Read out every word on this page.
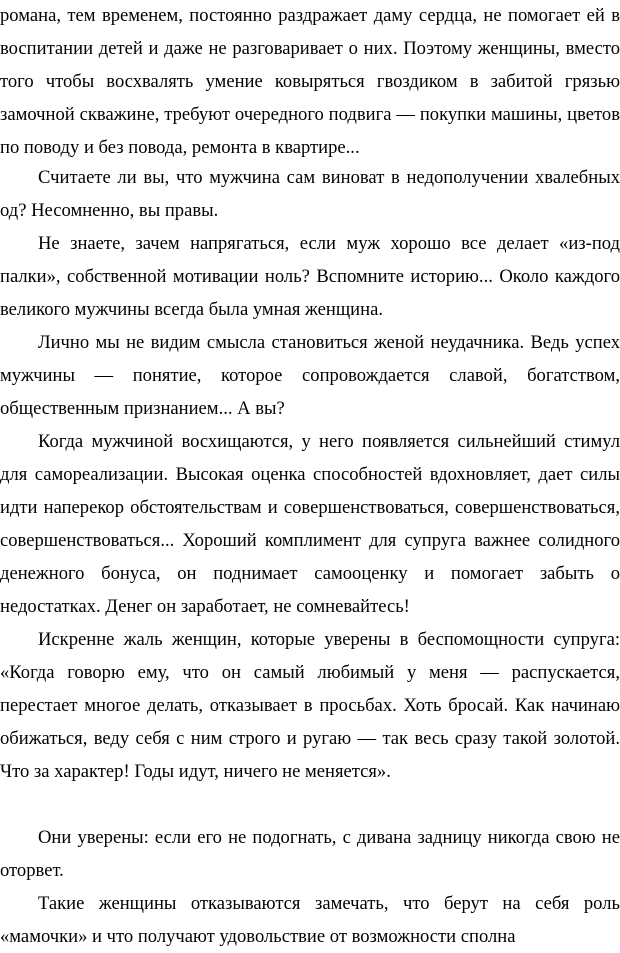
романа, тем временем, постоянно раздражает даму сердца, не помогает ей в воспитании детей и даже не разговаривает о них. Поэтому женщины, вместо того чтобы восхвалять умение ковыряться гвоздиком в забитой грязью замочной скважине, требуют очередного подвига — покупки машины, цветов по поводу и без повода, ремонта в квартире...

Считаете ли вы, что мужчина сам виноват в недополучении хвалебных од? Несомненно, вы правы.

Не знаете, зачем напрягаться, если муж хорошо все делает «из-под палки», собственной мотивации ноль? Вспомните историю... Около каждого великого мужчины всегда была умная женщина.

Лично мы не видим смысла становиться женой неудачника. Ведь успех мужчины — понятие, которое сопровождается славой, богатством, общественным признанием... А вы?

Когда мужчиной восхищаются, у него появляется сильнейший стимул для самореализации. Высокая оценка способностей вдохновляет, дает силы идти наперекор обстоятельствам и совершенствоваться, совершенствоваться, совершенствоваться... Хороший комплимент для супруга важнее солидного денежного бонуса, он поднимает самооценку и помогает забыть о недостатках. Денег он заработает, не сомневайтесь!

Искренне жаль женщин, которые уверены в беспомощности супруга: «Когда говорю ему, что он самый любимый у меня — распускается, перестает многое делать, отказывает в просьбах. Хоть бросай. Как начинаю обижаться, веду себя с ним строго и ругаю — так весь сразу такой золотой. Что за характер! Годы идут, ничего не меняется».

Они уверены: если его не подогнать, с дивана задницу никогда свою не оторвет.

Такие женщины отказываются замечать, что берут на себя роль «мамочки» и что получают удовольствие от возможности сполна
